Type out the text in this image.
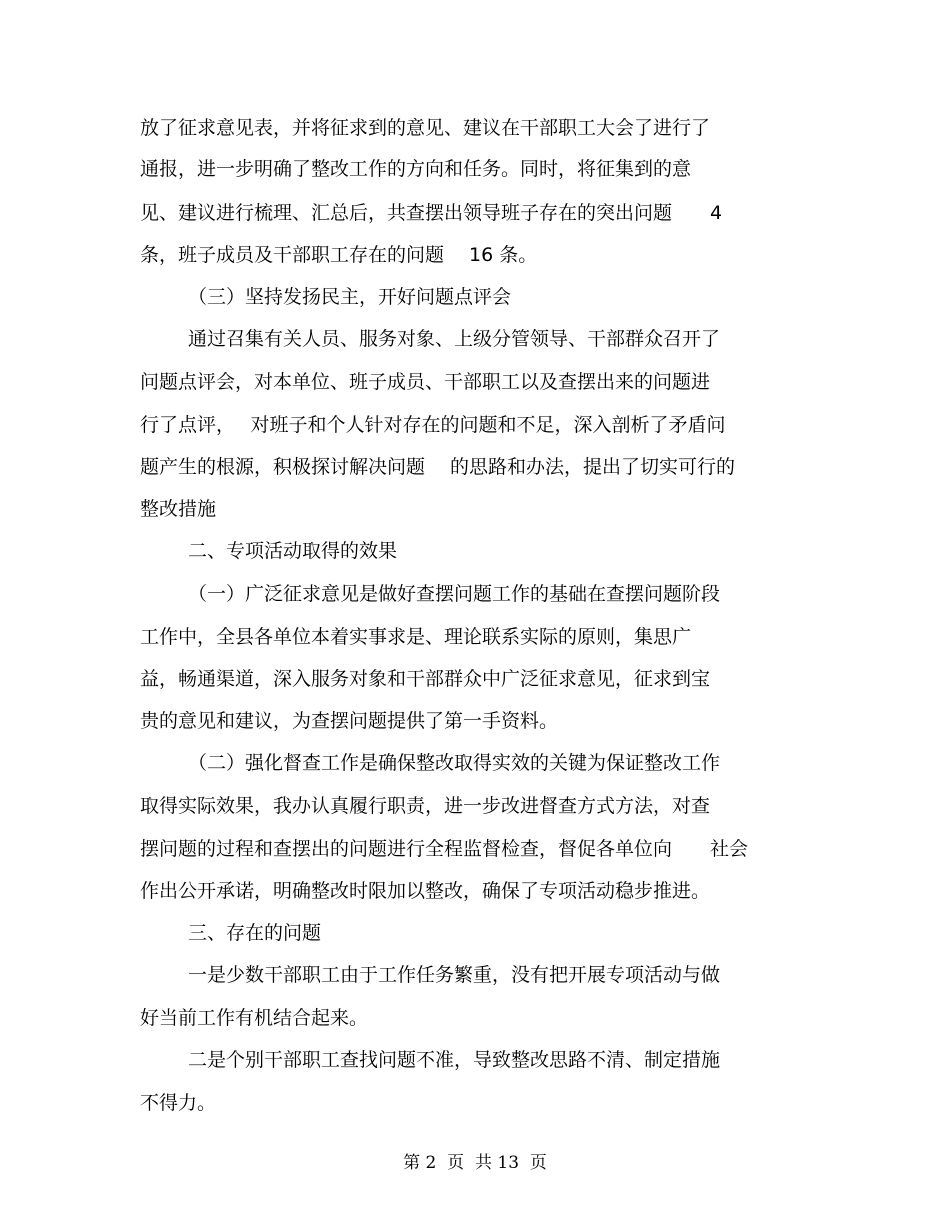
放了征求意见表，并将征求到的意见、建议在干部职工大会了进行了
通报，进一步明确了整改工作的方向和任务。同时，将征集到的意
见、建议进行梳理、汇总后，共查摆出领导班子存在的突出问题　　4
条，班子成员及干部职工存在的问题　 16 条。
（三）坚持发扬民主，开好问题点评会
通过召集有关人员、服务对象、上级分管领导、干部群众召开了
问题点评会，对本单位、班子成员、干部职工以及查摆出来的问题进
行了点评，　 对班子和个人针对存在的问题和不足，深入剖析了矛盾问
题产生的根源，积极探讨解决问题　 的思路和办法，提出了切实可行的
整改措施
二、专项活动取得的效果
（一）广泛征求意见是做好查摆问题工作的基础在查摆问题阶段
工作中，全县各单位本着实事求是、理论联系实际的原则，集思广
益，畅通渠道，深入服务对象和干部群众中广泛征求意见，征求到宝
贵的意见和建议，为查摆问题提供了第一手资料。
（二）强化督查工作是确保整改取得实效的关键为保证整改工作
取得实际效果，我办认真履行职责，进一步改进督查方式方法，对查
摆问题的过程和查摆出的问题进行全程监督检查，督促各单位向　　社会
作出公开承诺，明确整改时限加以整改，确保了专项活动稳步推进。
三、存在的问题
一是少数干部职工由于工作任务繁重，没有把开展专项活动与做
好当前工作有机结合起来。
二是个别干部职工查找问题不准，导致整改思路不清、制定措施
不得力。
第 2  页  共 13  页
